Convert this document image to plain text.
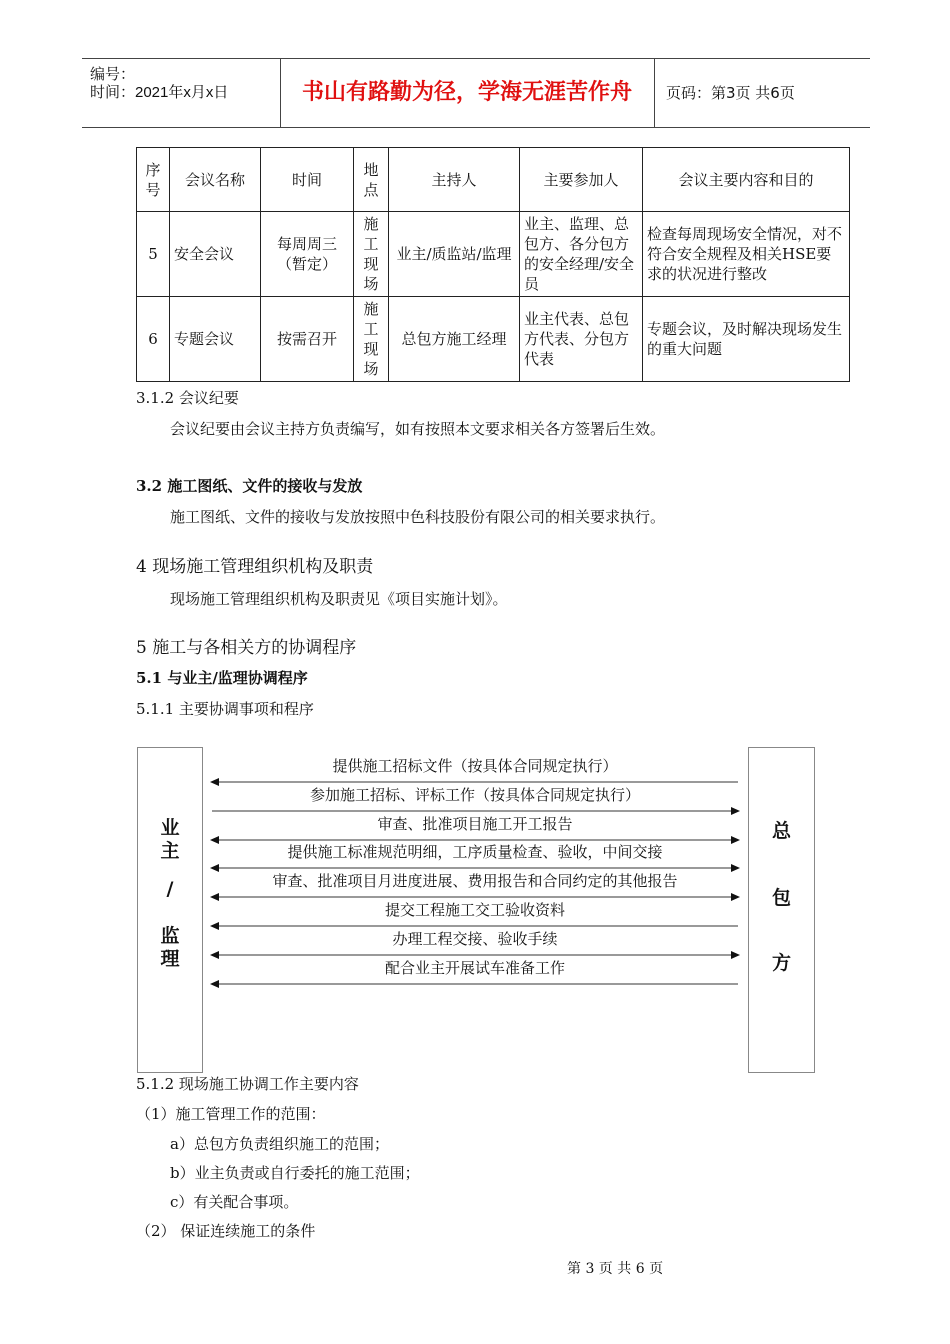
编号：
时间：2021年x月x日	书山有路勤为径，学海无涯苦作舟	页码：第3页 共6页
序号	会议名称	时间	地点	主持人	主要参加人	会议主要内容和目的
5	安全会议	每周周三（暂定）	施工现场	业主/质监站/监理	业主、监理、总包方、各分包方的安全经理/安全员	检查每周现场安全情况，对不符合安全规程及相关HSE要求的状况进行整改
6	专题会议	按需召开	施工现场	总包方施工经理	业主代表、总包方代表、分包方代表	专题会议，及时解决现场发生的重大问题
3.1.2 会议纪要
会议纪要由会议主持方负责编写，如有按照本文要求相关各方签署后生效。
3.2 施工图纸、文件的接收与发放
施工图纸、文件的接收与发放按照中色科技股份有限公司的相关要求执行。
4 现场施工管理组织机构及职责
现场施工管理组织机构及职责见《项目实施计划》。
5 施工与各相关方的协调程序
5.1 与业主/监理协调程序
5.1.1 主要协调事项和程序
业
主
/
监
理
总
包
方
提供施工招标文件（按具体合同规定执行）
参加施工招标、评标工作（按具体合同规定执行）
审查、批准项目施工开工报告
提供施工标准规范明细，工序质量检查、验收，中间交接
审查、批准项目月进度进展、费用报告和合同约定的其他报告
提交工程施工交工验收资料
办理工程交接、验收手续
配合业主开展试车准备工作
5.1.2 现场施工协调工作主要内容
（1）施工管理工作的范围：
a）总包方负责组织施工的范围；
b）业主负责或自行委托的施工范围；
c）有关配合事项。
（2） 保证连续施工的条件
第 3 页 共 6 页
